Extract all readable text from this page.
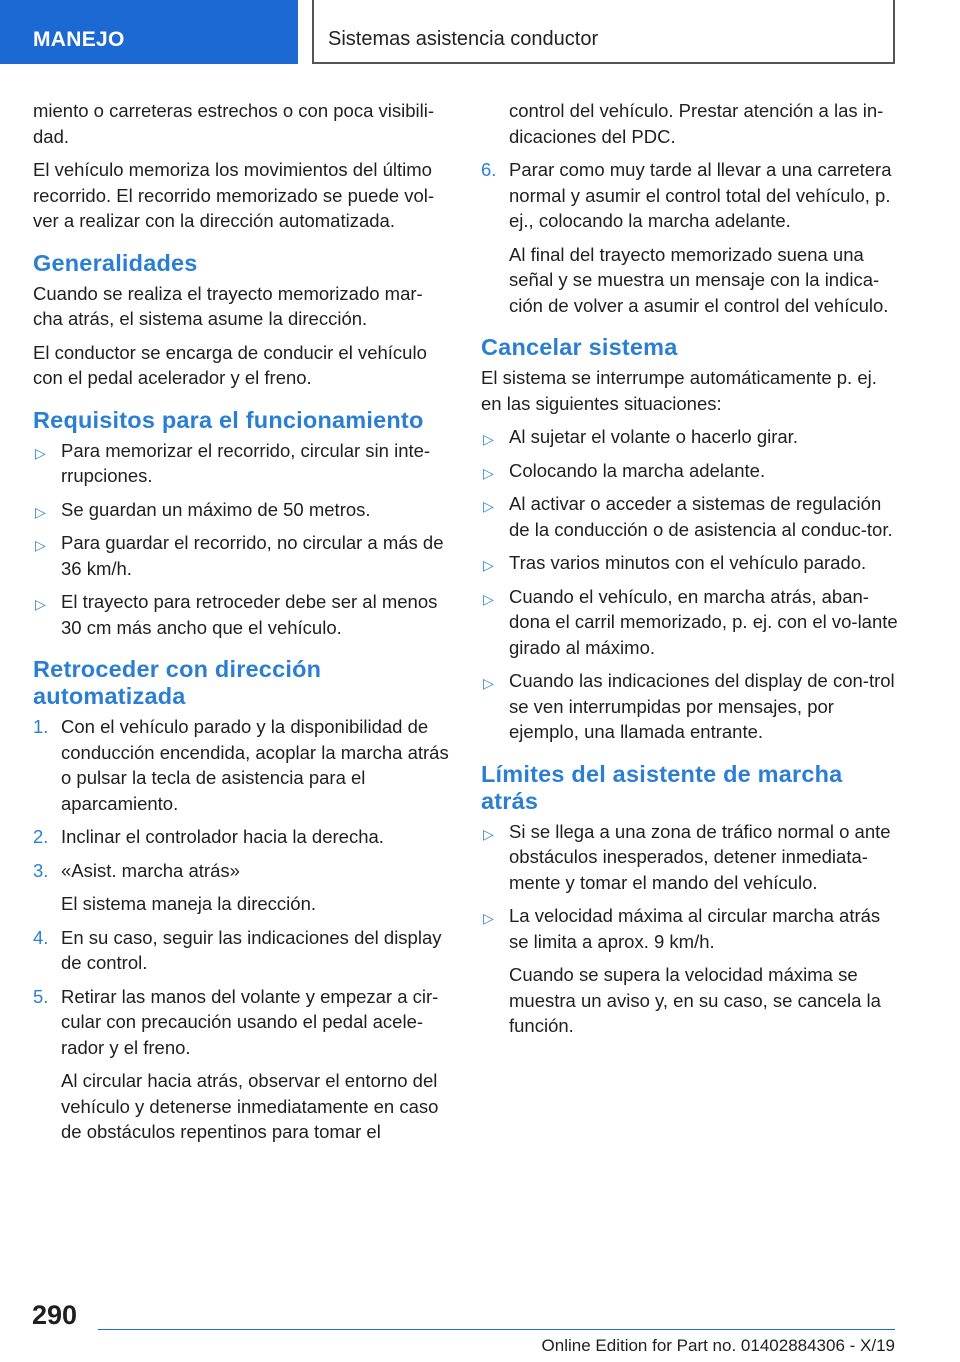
MANEJO	Sistemas asistencia conductor

miento o carreteras estrechos o con poca visibili-dad.

El vehículo memoriza los movimientos del último recorrido. El recorrido memorizado se puede vol-ver a realizar con la dirección automatizada.

Generalidades

Cuando se realiza el trayecto memorizado mar-cha atrás, el sistema asume la dirección.

El conductor se encarga de conducir el vehículo con el pedal acelerador y el freno.

Requisitos para el funcionamiento
▷ Para memorizar el recorrido, circular sin inte-rrupciones.
▷ Se guardan un máximo de 50 metros.
▷ Para guardar el recorrido, no circular a más de 36 km/h.
▷ El trayecto para retroceder debe ser al menos 30 cm más ancho que el vehículo.
Retroceder con dirección automatizada
1. Con el vehículo parado y la disponibilidad de conducción encendida, acoplar la marcha atrás o pulsar la tecla de asistencia para el aparcamiento.
2. Inclinar el controlador hacia la derecha.
3. «Asist. marcha atrás»

El sistema maneja la dirección.

4. En su caso, seguir las indicaciones del display de control.
5. Retirar las manos del volante y empezar a cir-cular con precaución usando el pedal acele-rador y el freno.

Al circular hacia atrás, observar el entorno del vehículo y detenerse inmediatamente en caso de obstáculos repentinos para tomar el

control del vehículo. Prestar atención a las in-dicaciones del PDC.

6. Parar como muy tarde al llevar a una carretera normal y asumir el control total del vehículo, p. ej., colocando la marcha adelante.

Al final del trayecto memorizado suena una señal y se muestra un mensaje con la indica-ción de volver a asumir el control del vehículo.

Cancelar sistema

El sistema se interrumpe automáticamente p. ej. en las siguientes situaciones:

▷ Al sujetar el volante o hacerlo girar.
▷ Colocando la marcha adelante.
▷ Al activar o acceder a sistemas de regulación de la conducción o de asistencia al conduc-tor.
▷ Tras varios minutos con el vehículo parado.
▷ Cuando el vehículo, en marcha atrás, aban-dona el carril memorizado, p. ej. con el vo-lante girado al máximo.
▷ Cuando las indicaciones del display de con-trol se ven interrumpidas por mensajes, por ejemplo, una llamada entrante.
Límites del asistente de marcha atrás
▷ Si se llega a una zona de tráfico normal o ante obstáculos inesperados, detener inmediata-mente y tomar el mando del vehículo.
▷ La velocidad máxima al circular marcha atrás se limita a aprox. 9 km/h.

Cuando se supera la velocidad máxima se muestra un aviso y, en su caso, se cancela la función.

290
Online Edition for Part no. 01402884306 - X/19
